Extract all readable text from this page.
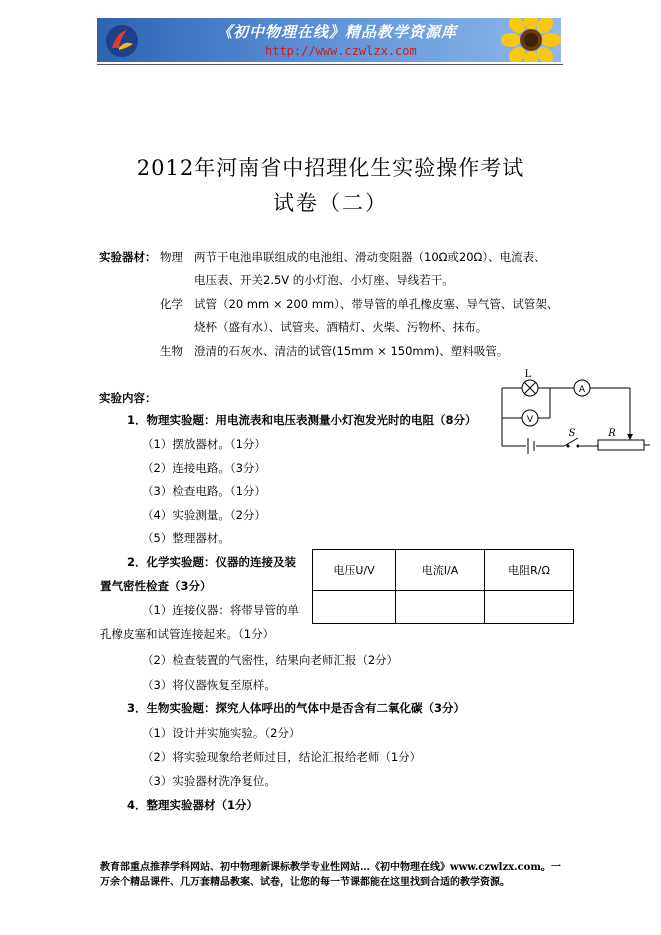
《初中物理在线》精品教学资源库
http://www.czwlzx.com
2012年河南省中招理化生实验操作考试
试卷（二）
实验器材： 物理 两节干电池串联组成的电池组、滑动变阻器（10Ω或20Ω）、电流表、
电压表、开关2.5V 的小灯泡、小灯座、导线若干。
化学 试管（20 mm × 200 mm）、带导管的单孔橡皮塞、导气管、试管架、
烧杯（盛有水）、试管夹、酒精灯、火柴、污物杯、抹布。
生物 澄清的石灰水、清洁的试管(15mm × 150mm)、塑料吸管。
实验内容：
1．物理实验题：用电流表和电压表测量小灯泡发光时的电阻（8分）
（1）摆放器材。（1分）
（2）连接电路。（3分）
（3）检查电路。（1分）
（4）实验测量。（2分）
（5）整理器材。
2．化学实验题：仪器的连接及装
置气密性检查（3分）
（1）连接仪器：将带导管的单
孔橡皮塞和试管连接起来。（1分）
（2）检查装置的气密性，结果向老师汇报（2分）
（3）将仪器恢复至原样。
3．生物实验题：探究人体呼出的气体中是否含有二氧化碳（3分）
（1）设计并实施实验。（2分）
（2）将实验现象给老师过目，结论汇报给老师（1分）
（3）实验器材洗净复位。
4．整理实验器材（1分）
电压U/V	电流I/A	电阻R/Ω

A
V
L
S	R
教育部重点推荐学科网站、初中物理新课标教学专业性网站…《初中物理在线》www.czwlzx.com。一万余个精品课件、几万套精品教案、试卷，让您的每一节课都能在这里找到合适的教学资源。
